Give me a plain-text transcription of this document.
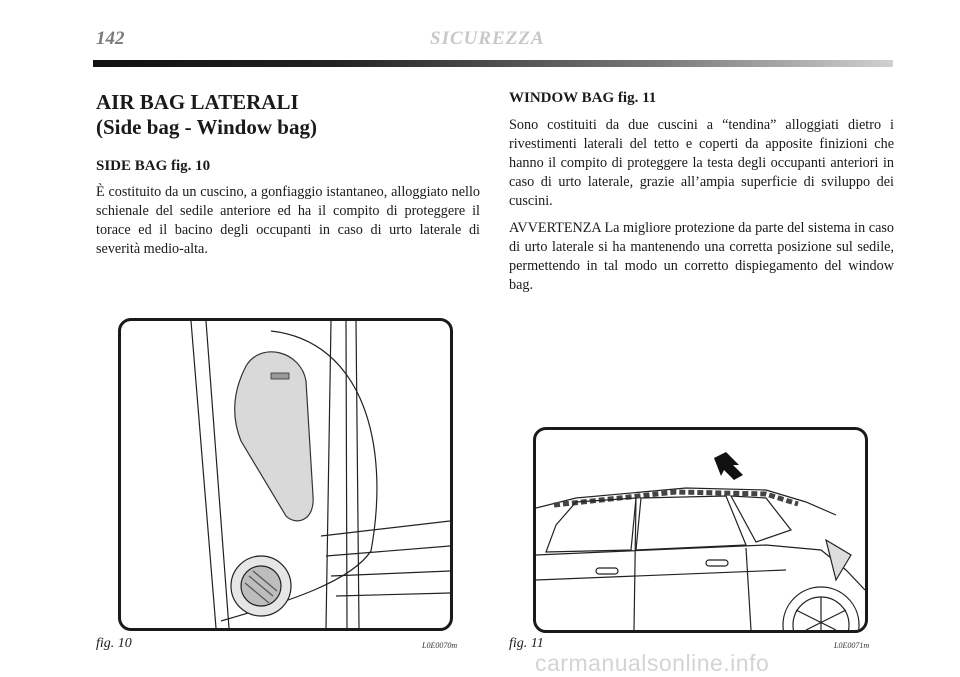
142	SICUREZZA
AIR BAG LATERALI
(Side bag - Window bag)
SIDE BAG fig. 10
È costituito da un cuscino, a gonfiaggio istantaneo, alloggiato nello schienale del sedile anteriore ed ha il compito di proteggere il torace ed il bacino degli occupanti in caso di urto laterale di severità medio-alta.
WINDOW BAG fig. 11
Sono costituiti da due cuscini a “tendina” alloggiati dietro i rivestimenti laterali del tetto e coperti da apposite finizioni che hanno il compito di proteggere la testa degli occupanti anteriori in caso di urto laterale, grazie all’ampia superficie di sviluppo dei cuscini.
AVVERTENZA La migliore protezione da parte del sistema in caso di urto laterale si ha mantenendo una corretta posizione sul sedile, permettendo in tal modo un corretto dispiegamento del window bag.
fig. 10	L0E0070m	fig. 11	L0E0071m
carmanualsonline.info
